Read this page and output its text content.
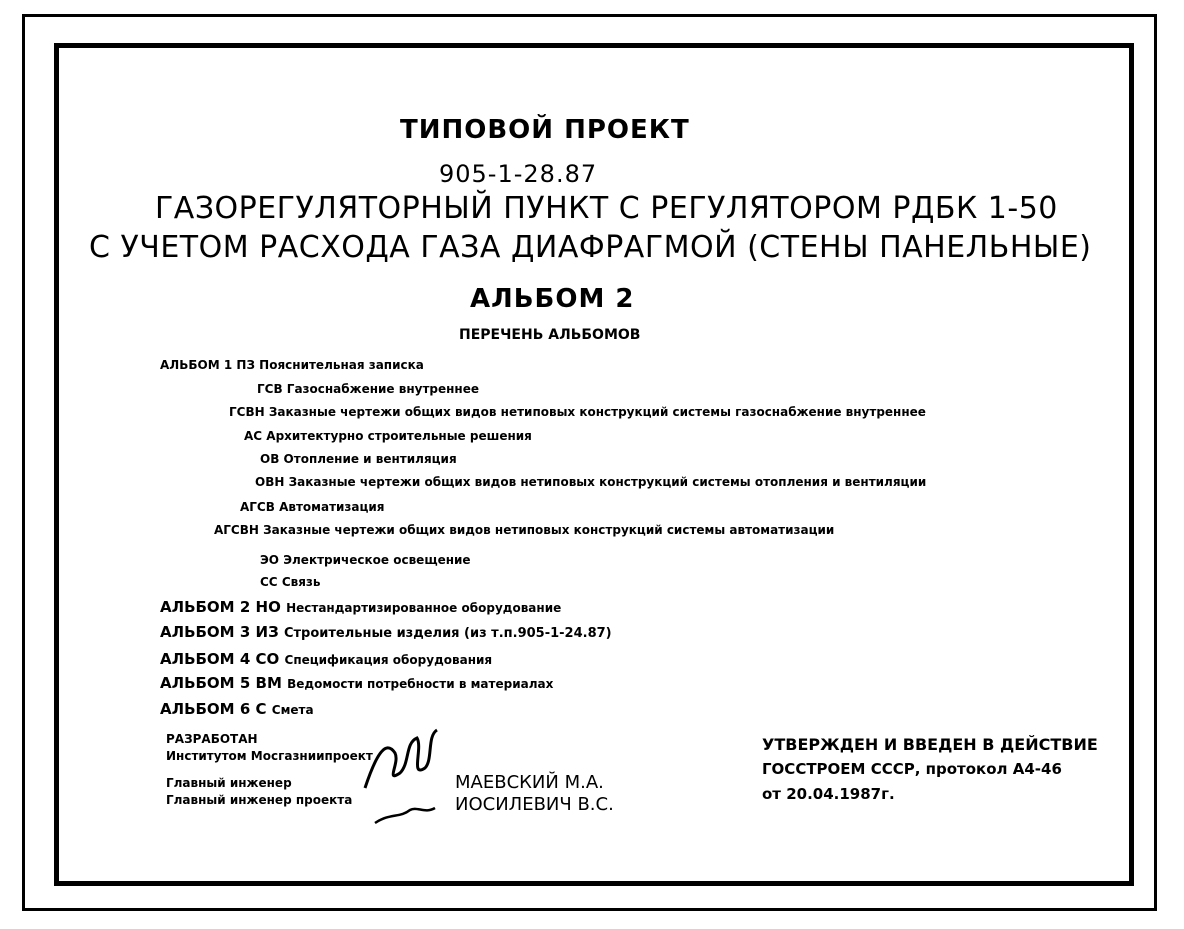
ТИПОВОЙ ПРОЕКТ
905-1-28.87
ГАЗОРЕГУЛЯТОРНЫЙ ПУНКТ С РЕГУЛЯТОРОМ РДБК 1-50
С УЧЕТОМ РАСХОДА ГАЗА ДИАФРАГМОЙ (СТЕНЫ ПАНЕЛЬНЫЕ)
АЛЬБОМ 2
ПЕРЕЧЕНЬ АЛЬБОМОВ
АЛЬБОМ 1 ПЗ Пояснительная записка
ГСВ Газоснабжение внутреннее
ГСВН Заказные чертежи общих видов нетиповых конструкций системы газоснабжение внутреннее
АС Архитектурно строительные решения
ОВ Отопление и вентиляция
ОВН Заказные чертежи общих видов нетиповых конструкций системы отопления и вентиляции
АГСВ Автоматизация
АГСВН Заказные чертежи общих видов нетиповых конструкций системы автоматизации
ЭО Электрическое освещение
СС Связь
АЛЬБОМ 2 НО Нестандартизированное оборудование
АЛЬБОМ 3 ИЗ Строительные изделия (из т.п.905-1-24.87)
АЛЬБОМ 4 СО Спецификация оборудования
АЛЬБОМ 5 ВМ Ведомости потребности в материалах
АЛЬБОМ 6 С Смета
РАЗРАБОТАН
Институтом Мосгазниипроект
Главный инженер
Главный инженер проекта
МАЕВСКИЙ М.А.
ИОСИЛЕВИЧ В.С.
УТВЕРЖДЕН И ВВЕДЕН В ДЕЙСТВИЕ
ГОССТРОЕМ СССР, протокол А4-46
от 20.04.1987г.
